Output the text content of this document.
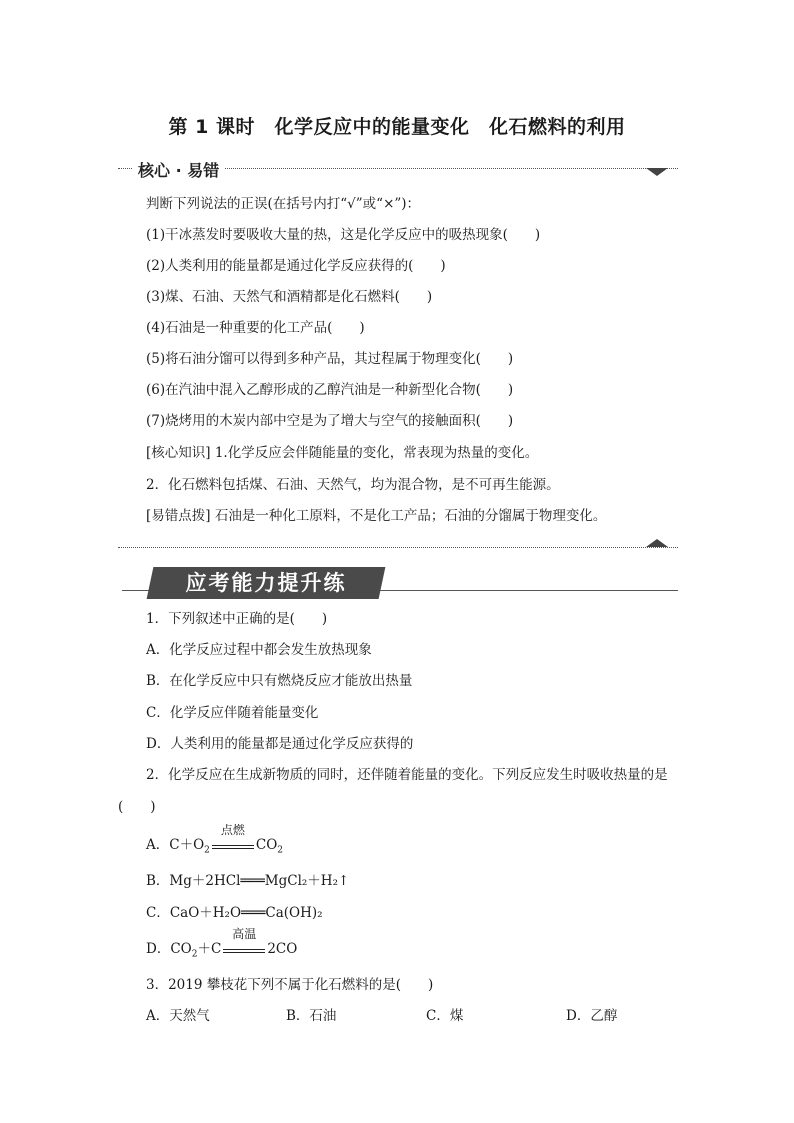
第 1 课时　化学反应中的能量变化　化石燃料的利用
核心 · 易错
判断下列说法的正误(在括号内打“√”或“×”)：
(1)干冰蒸发时要吸收大量的热，这是化学反应中的吸热现象(　　)
(2)人类利用的能量都是通过化学反应获得的(　　)
(3)煤、石油、天然气和酒精都是化石燃料(　　)
(4)石油是一种重要的化工产品(　　)
(5)将石油分馏可以得到多种产品，其过程属于物理变化(　　)
(6)在汽油中混入乙醇形成的乙醇汽油是一种新型化合物(　　)
(7)烧烤用的木炭内部中空是为了增大与空气的接触面积(　　)
[核心知识] 1.化学反应会伴随能量的变化，常表现为热量的变化。
2．化石燃料包括煤、石油、天然气，均为混合物，是不可再生能源。
[易错点拨] 石油是一种化工原料，不是化工产品；石油的分馏属于物理变化。
应考能力提升练
1．下列叙述中正确的是(　　)
A．化学反应过程中都会发生放热现象
B．在化学反应中只有燃烧反应才能放出热量
C．化学反应伴随着能量变化
D．人类利用的能量都是通过化学反应获得的
2．化学反应在生成新物质的同时，还伴随着能量的变化。下列反应发生时吸收热量的是
(　　)
A．$C+O_2$
点燃
$CO_2$
B．Mg＋2HCl═══MgCl₂＋H₂↑
C．CaO＋H₂O═══Ca(OH)₂
D．$CO_2+C$
高温
2CO
3．2019 攀枝花下列不属于化石燃料的是(　　)
A．天然气	B．石油	C．煤	D．乙醇
